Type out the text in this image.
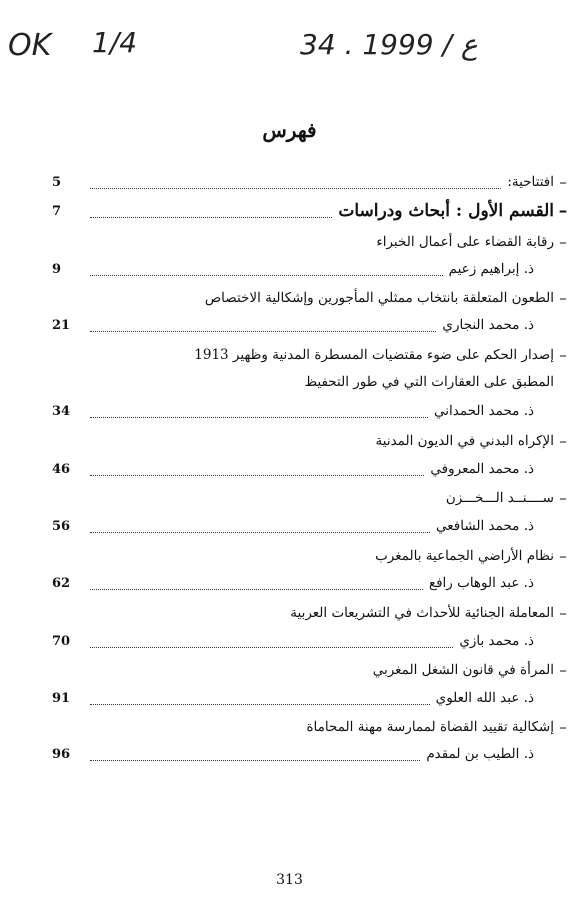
OK 1/4	34 . ع / 1999
فهرس
–
افتتاحية:
5
–
القسم الأول : أبحاث ودراسات
7
–
رقابة القضاء على أعمال الخبراء
ذ. إبراهيم زعيم
9
–
الطعون المتعلقة بانتخاب ممثلي المأجورين وإشكالية الاختصاص
ذ. محمد النجاري
21
–
إصدار الحكم على ضوء مقتضيات المسطرة المدنية وظهير 1913
المطبق على العقارات التي في طور التحفيظ
ذ. محمد الحمداني
34
–
الإكراه البدني في الديون المدنية
ذ. محمد المعروفي
46
–
ســــنــد الـــخـــزن
ذ. محمد الشافعي
56
–
نظام الأراضي الجماعية بالمغرب
ذ. عبد الوهاب رافع
62
–
المعاملة الجنائية للأحداث في التشريعات العربية
ذ. محمد بازي
70
–
المرأة في قانون الشغل المغربي
ذ. عبد الله العلوي
91
–
إشكالية تقييد القضاة لممارسة مهنة المحاماة
ذ. الطيب بن لمقدم
96
313
